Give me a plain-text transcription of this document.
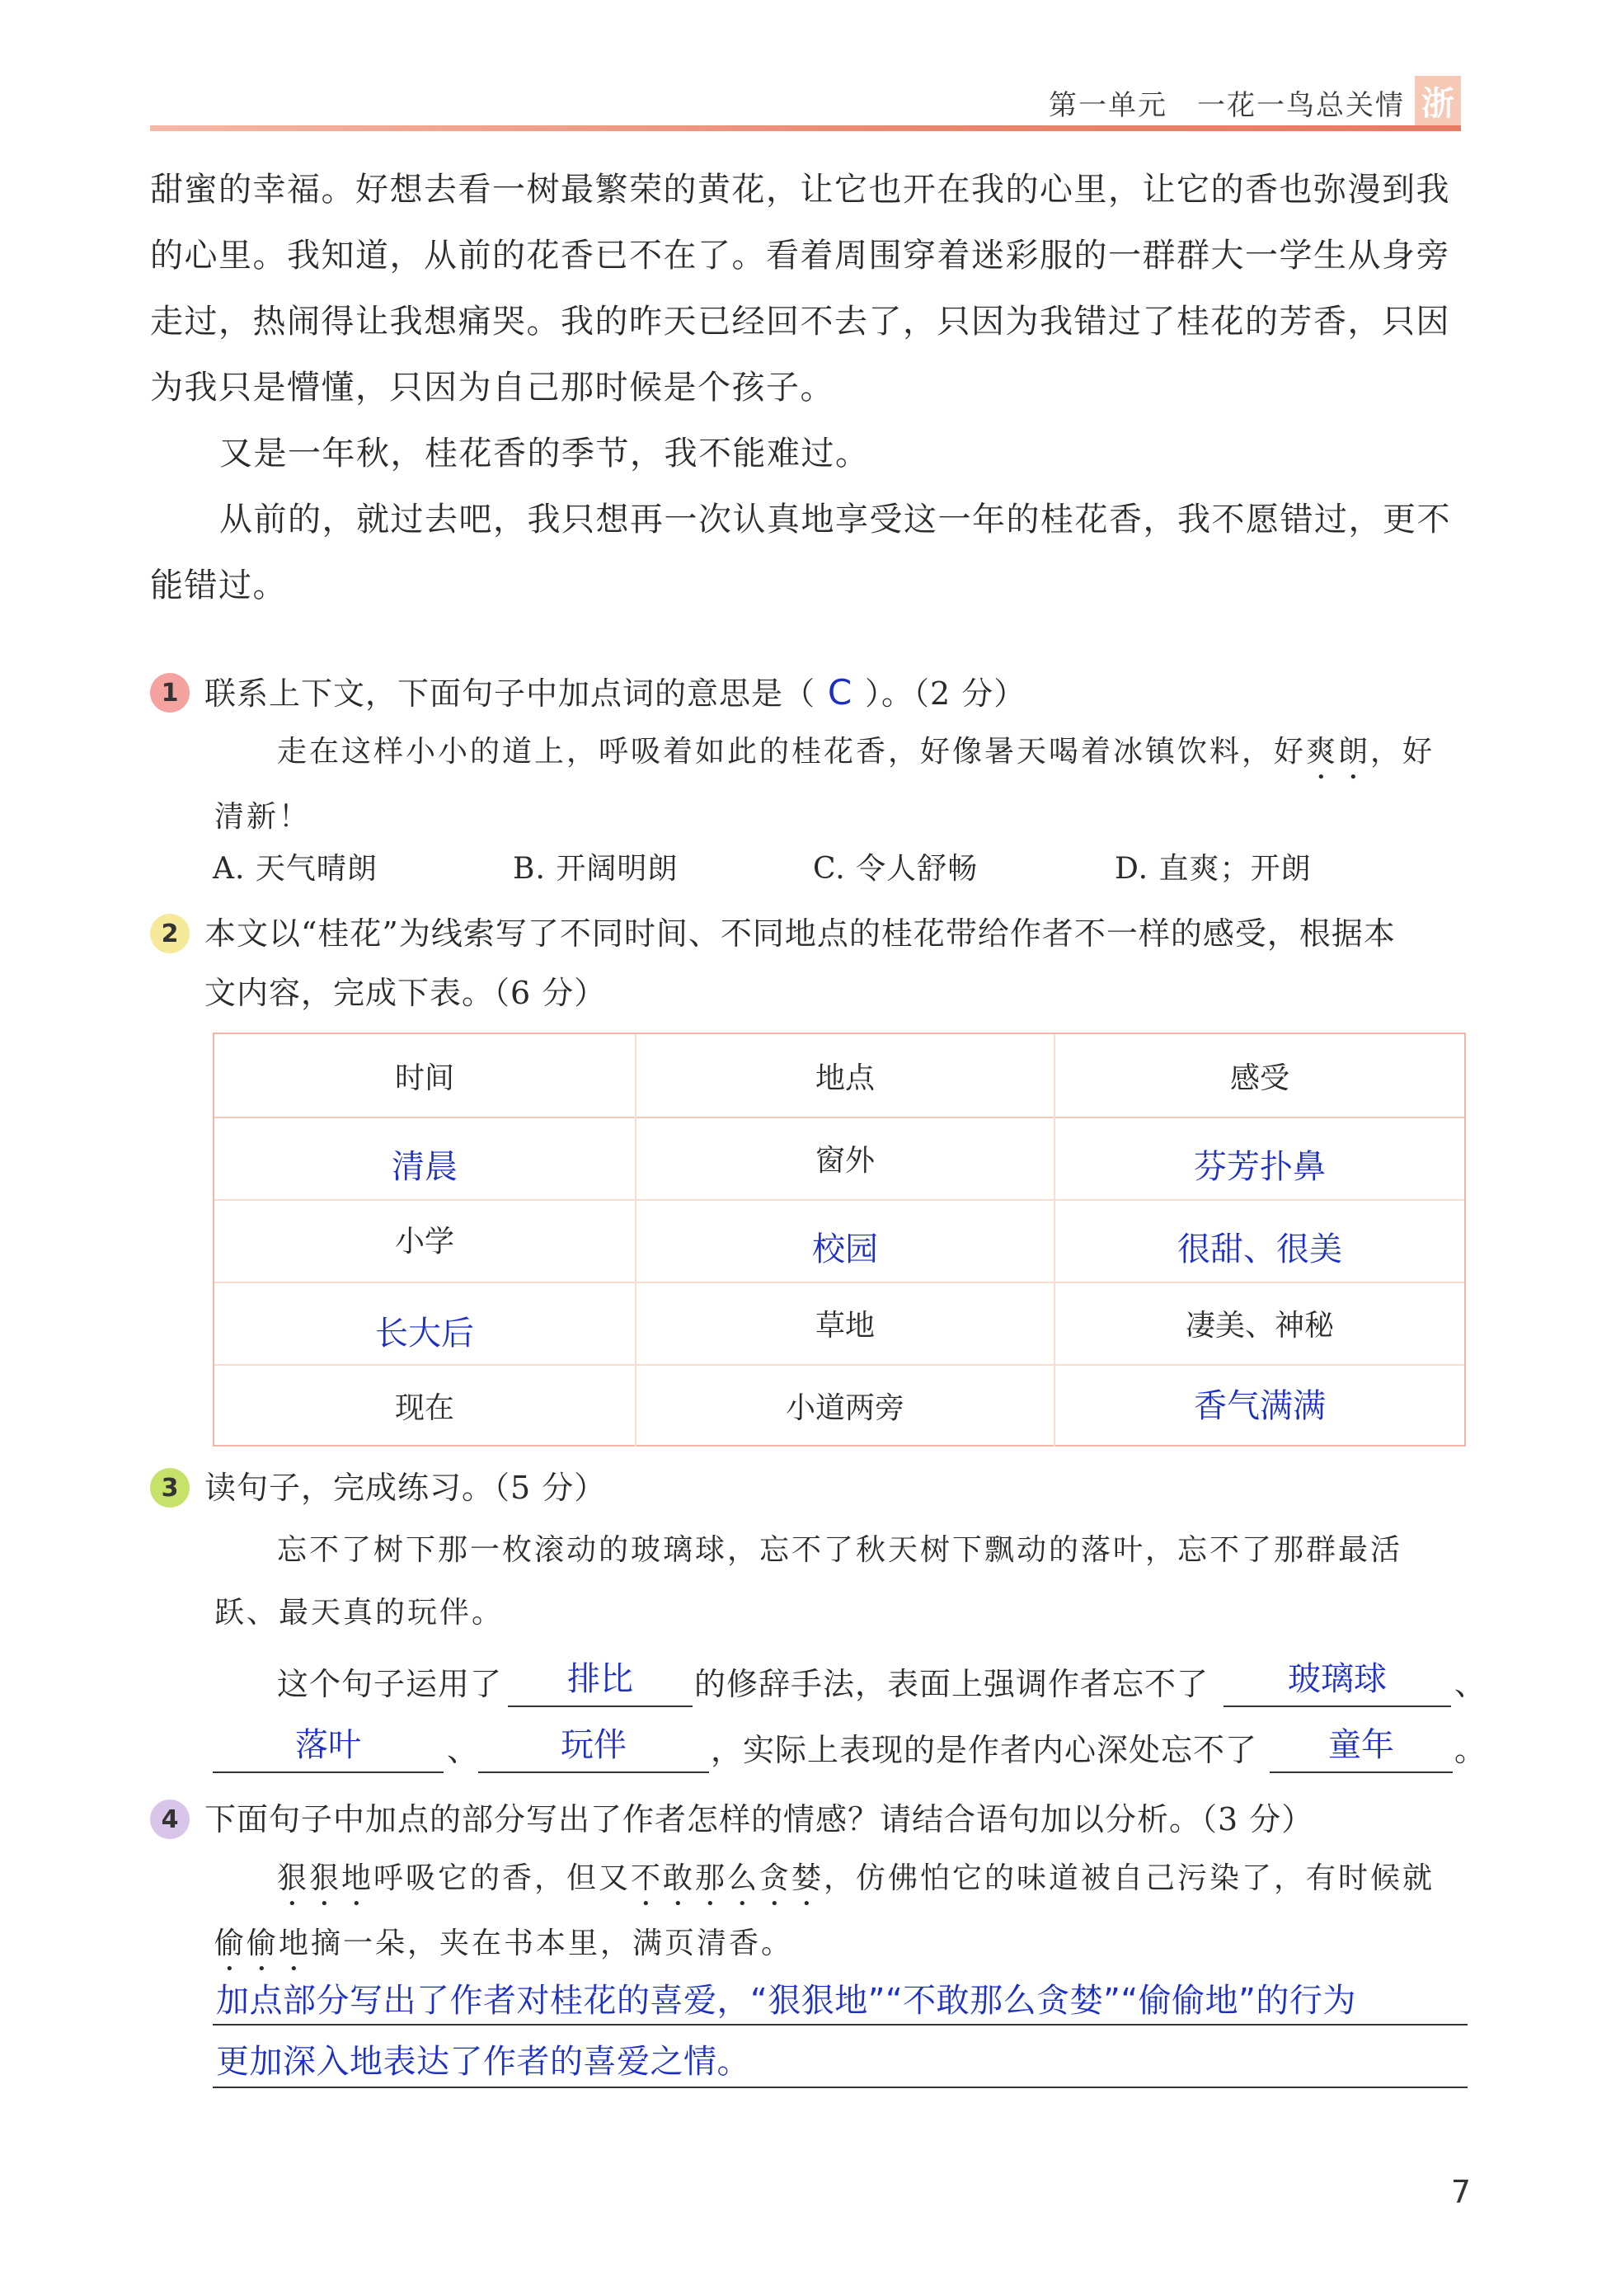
第一单元　一花一鸟总关情 浙
甜蜜的幸福。好想去看一树最繁荣的黄花，让它也开在我的心里，让它的香也弥漫到我的心里。我知道，从前的花香已不在了。看着周围穿着迷彩服的一群群大一学生从身旁走过，热闹得让我想痛哭。我的昨天已经回不去了，只因为我错过了桂花的芳香，只因为我只是懵懂，只因为自己那时候是个孩子。
又是一年秋，桂花香的季节，我不能难过。
从前的，就过去吧，我只想再一次认真地享受这一年的桂花香，我不愿错过，更不能错过。
1 联系上下文，下面句子中加点词的意思是（ C ）。（2 分）
走在这样小小的道上，呼吸着如此的桂花香，好像暑天喝着冰镇饮料，好爽朗，好
清新！
A. 天气晴朗	B. 开阔明朗	C. 令人舒畅	D. 直爽；开朗
2 本文以“桂花”为线索写了不同时间、不同地点的桂花带给作者不一样的感受，根据本
文内容，完成下表。（6 分）
时间	地点	感受
清晨	窗外	芬芳扑鼻
小学	校园	很甜、很美
长大后	草地	凄美、神秘
现在	小道两旁	香气满满
3 读句子，完成练习。（5 分）
忘不了树下那一枚滚动的玻璃球，忘不了秋天树下飘动的落叶，忘不了那群最活
跃、最天真的玩伴。
这个句子运用了	排比	的修辞手法，表面上强调作者忘不了	玻璃球	、
落叶	、	玩伴	，实际上表现的是作者内心深处忘不了	童年	。
4 下面句子中加点的部分写出了作者怎样的情感？请结合语句加以分析。（3 分）
狠狠地呼吸它的香，但又不敢那么贪婪，仿佛怕它的味道被自己污染了，有时候就
偷偷地摘一朵，夹在书本里，满页清香。
加点部分写出了作者对桂花的喜爱，“狠狠地”“不敢那么贪婪”“偷偷地”的行为
更加深入地表达了作者的喜爱之情。
7
